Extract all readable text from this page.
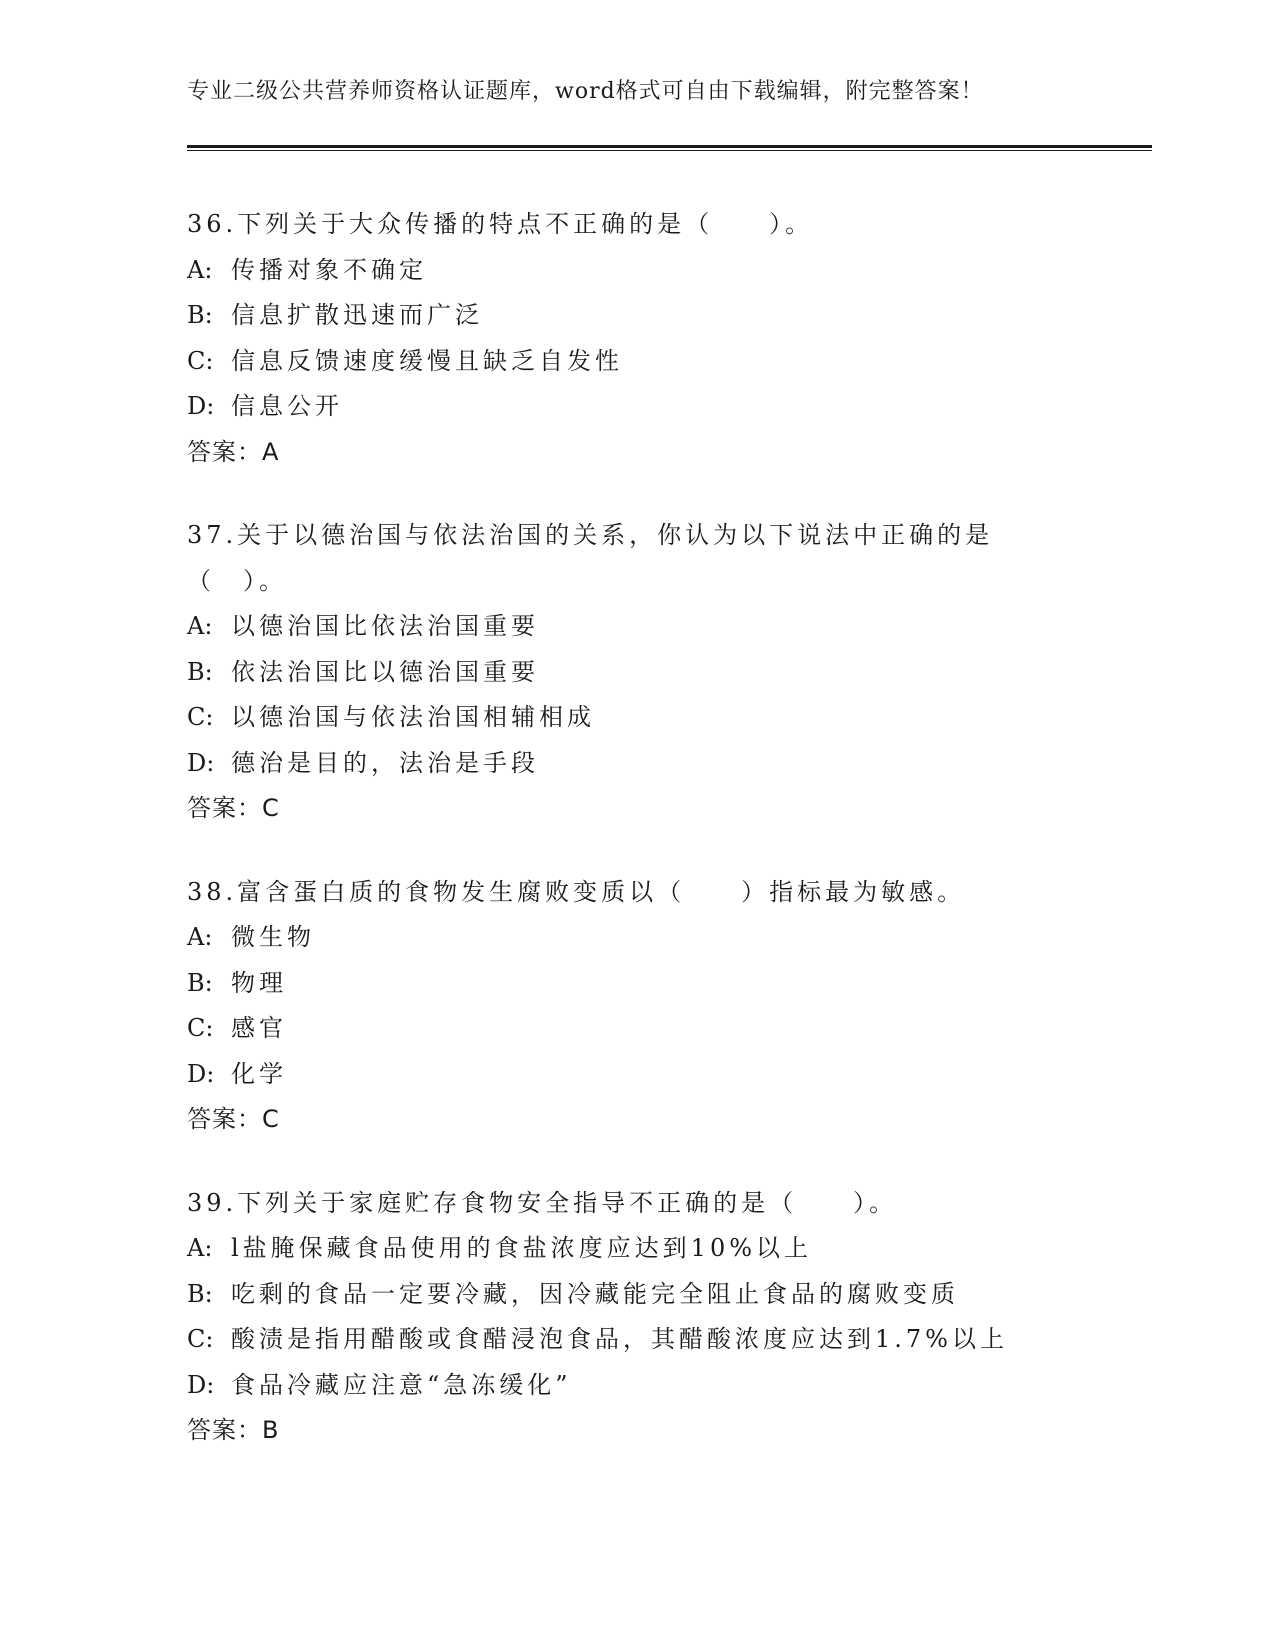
专业二级公共营养师资格认证题库，word格式可自由下载编辑，附完整答案！
36.下列关于大众传播的特点不正确的是（　　）。
A: 传播对象不确定
B: 信息扩散迅速而广泛
C: 信息反馈速度缓慢且缺乏自发性
D: 信息公开
答案：A
37.关于以德治国与依法治国的关系，你认为以下说法中正确的是（　）。
A: 以德治国比依法治国重要
B: 依法治国比以德治国重要
C: 以德治国与依法治国相辅相成
D: 德治是目的，法治是手段
答案：C
38.富含蛋白质的食物发生腐败变质以（　　）指标最为敏感。
A: 微生物
B: 物理
C: 感官
D: 化学
答案：C
39.下列关于家庭贮存食物安全指导不正确的是（　　）。
A: l盐腌保藏食品使用的食盐浓度应达到10%以上
B: 吃剩的食品一定要冷藏，因冷藏能完全阻止食品的腐败变质
C: 酸渍是指用醋酸或食醋浸泡食品，其醋酸浓度应达到1.7%以上
D: 食品冷藏应注意“急冻缓化”
答案：B
